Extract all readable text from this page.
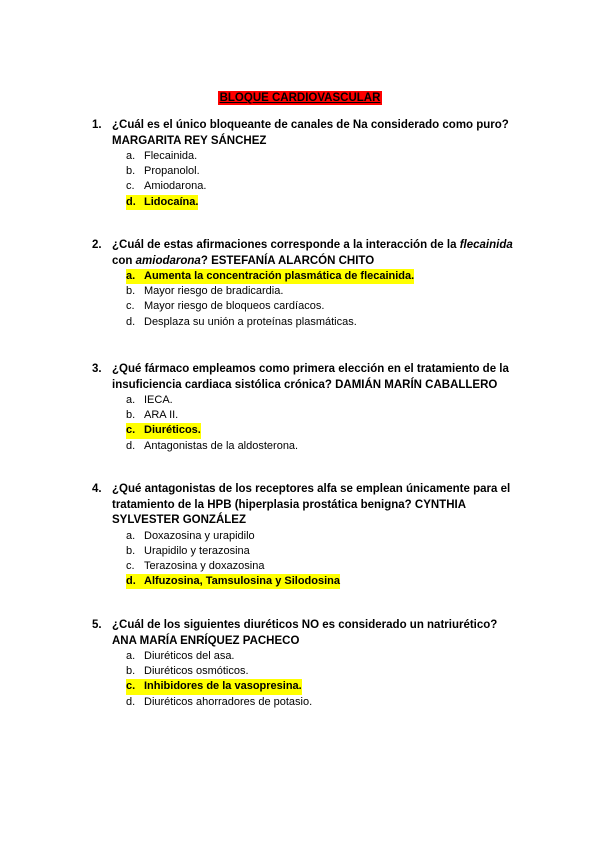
BLOQUE CARDIOVASCULAR
1. ¿Cuál es el único bloqueante de canales de Na considerado como puro? MARGARITA REY SÁNCHEZ
a. Flecainida.
b. Propanolol.
c. Amiodarona.
d. Lidocaína.
2. ¿Cuál de estas afirmaciones corresponde a la interacción de la flecainida con amiodarona? ESTEFANÍA ALARCÓN CHITO
a. Aumenta la concentración plasmática de flecainida.
b. Mayor riesgo de bradicardia.
c. Mayor riesgo de bloqueos cardíacos.
d. Desplaza su unión a proteínas plasmáticas.
3. ¿Qué fármaco empleamos como primera elección en el tratamiento de la insuficiencia cardiaca sistólica crónica? DAMIÁN MARÍN CABALLERO
a. IECA.
b. ARA II.
c. Diuréticos.
d. Antagonistas de la aldosterona.
4. ¿Qué antagonistas de los receptores alfa se emplean únicamente para el tratamiento de la HPB (hiperplasia prostática benigna? CYNTHIA SYLVESTER GONZÁLEZ
a. Doxazosina y urapidilo
b. Urapidilo y terazosina
c. Terazosina y doxazosina
d. Alfuzosina, Tamsulosina y Silodosina
5. ¿Cuál de los siguientes diuréticos NO es considerado un natriurético? ANA MARÍA ENRÍQUEZ PACHECO
a. Diuréticos del asa.
b. Diuréticos osmóticos.
c. Inhibidores de la vasopresina.
d. Diuréticos ahorradores de potasio.
